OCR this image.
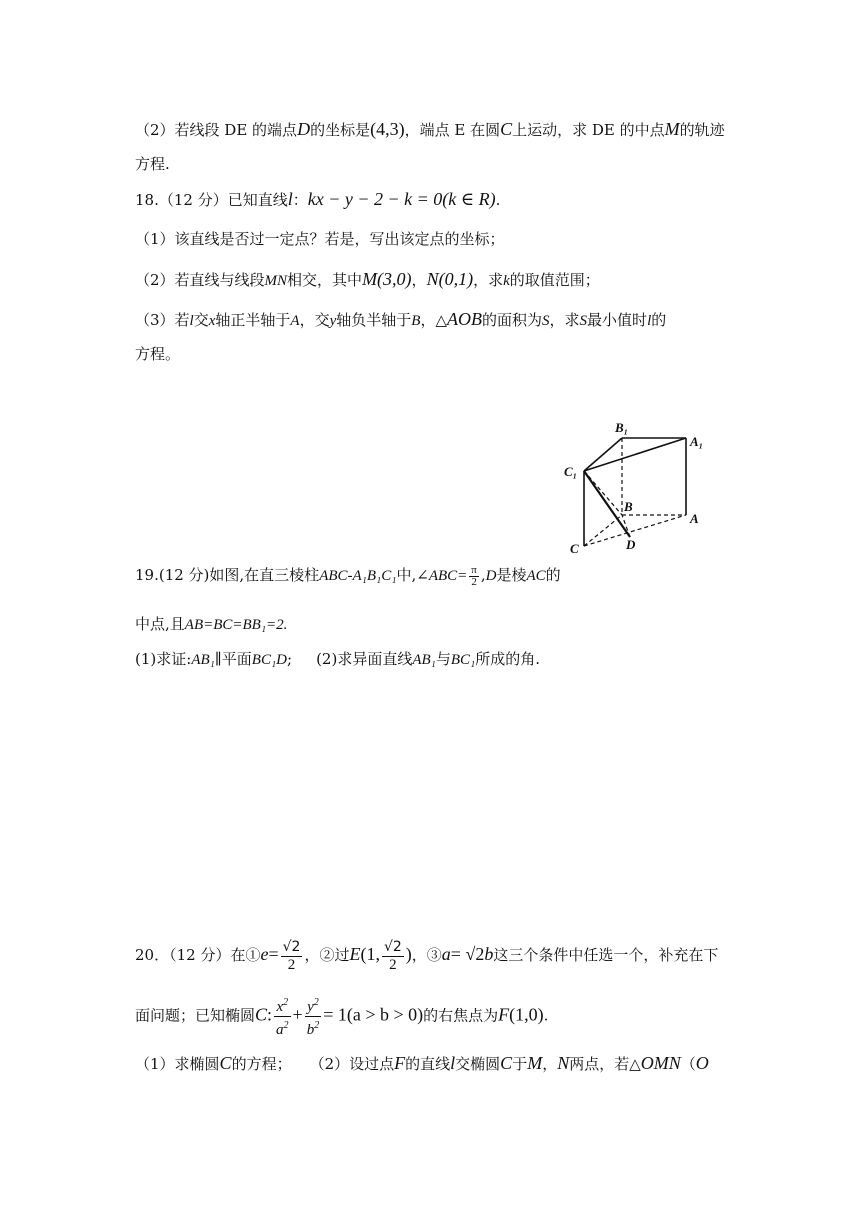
（2）若线段 DE 的端点D的坐标是(4,3)，端点 E 在圆C上运动，求 DE 的中点M的轨迹
方程.
18.（12 分）已知直线l：kx − y − 2 − k = 0(k ∈ R).
（1）该直线是否过一定点？若是，写出该定点的坐标；
（2）若直线与线段MN相交，其中M(3,0)，N(0,1)，求k的取值范围；
（3）若l交x轴正半轴于A，交y轴负半轴于B，△AOB的面积为S，求S最小值时l的
方程。
B₁
A₁
C₁
B
A
C	D
19.(12 分)如图,在直三棱柱ABC-A₁B₁C₁中,∠ABC= $\frac{\pi}{2} ,D$是棱AC的
中点,且AB=BC=BB₁=2.
(1)求证:AB₁∥平面BC₁D; (2)求异面直线AB₁与BC₁所成的角.
20．（12 分）在①e= $\frac{√2}{2}$ ，②过E(1, $\frac{√2}{2}$ )，③a= √2b这三个条件中任选一个，补充在下
面问题；已知椭圆C: $\frac{x^2}{a^2} + \frac{y^2}{b^2} = 1(a > b > 0)$的右焦点为F(1,0).
（1）求椭圆C的方程； （2）设过点F的直线l交椭圆C于M，N两点，若△OMN（O
